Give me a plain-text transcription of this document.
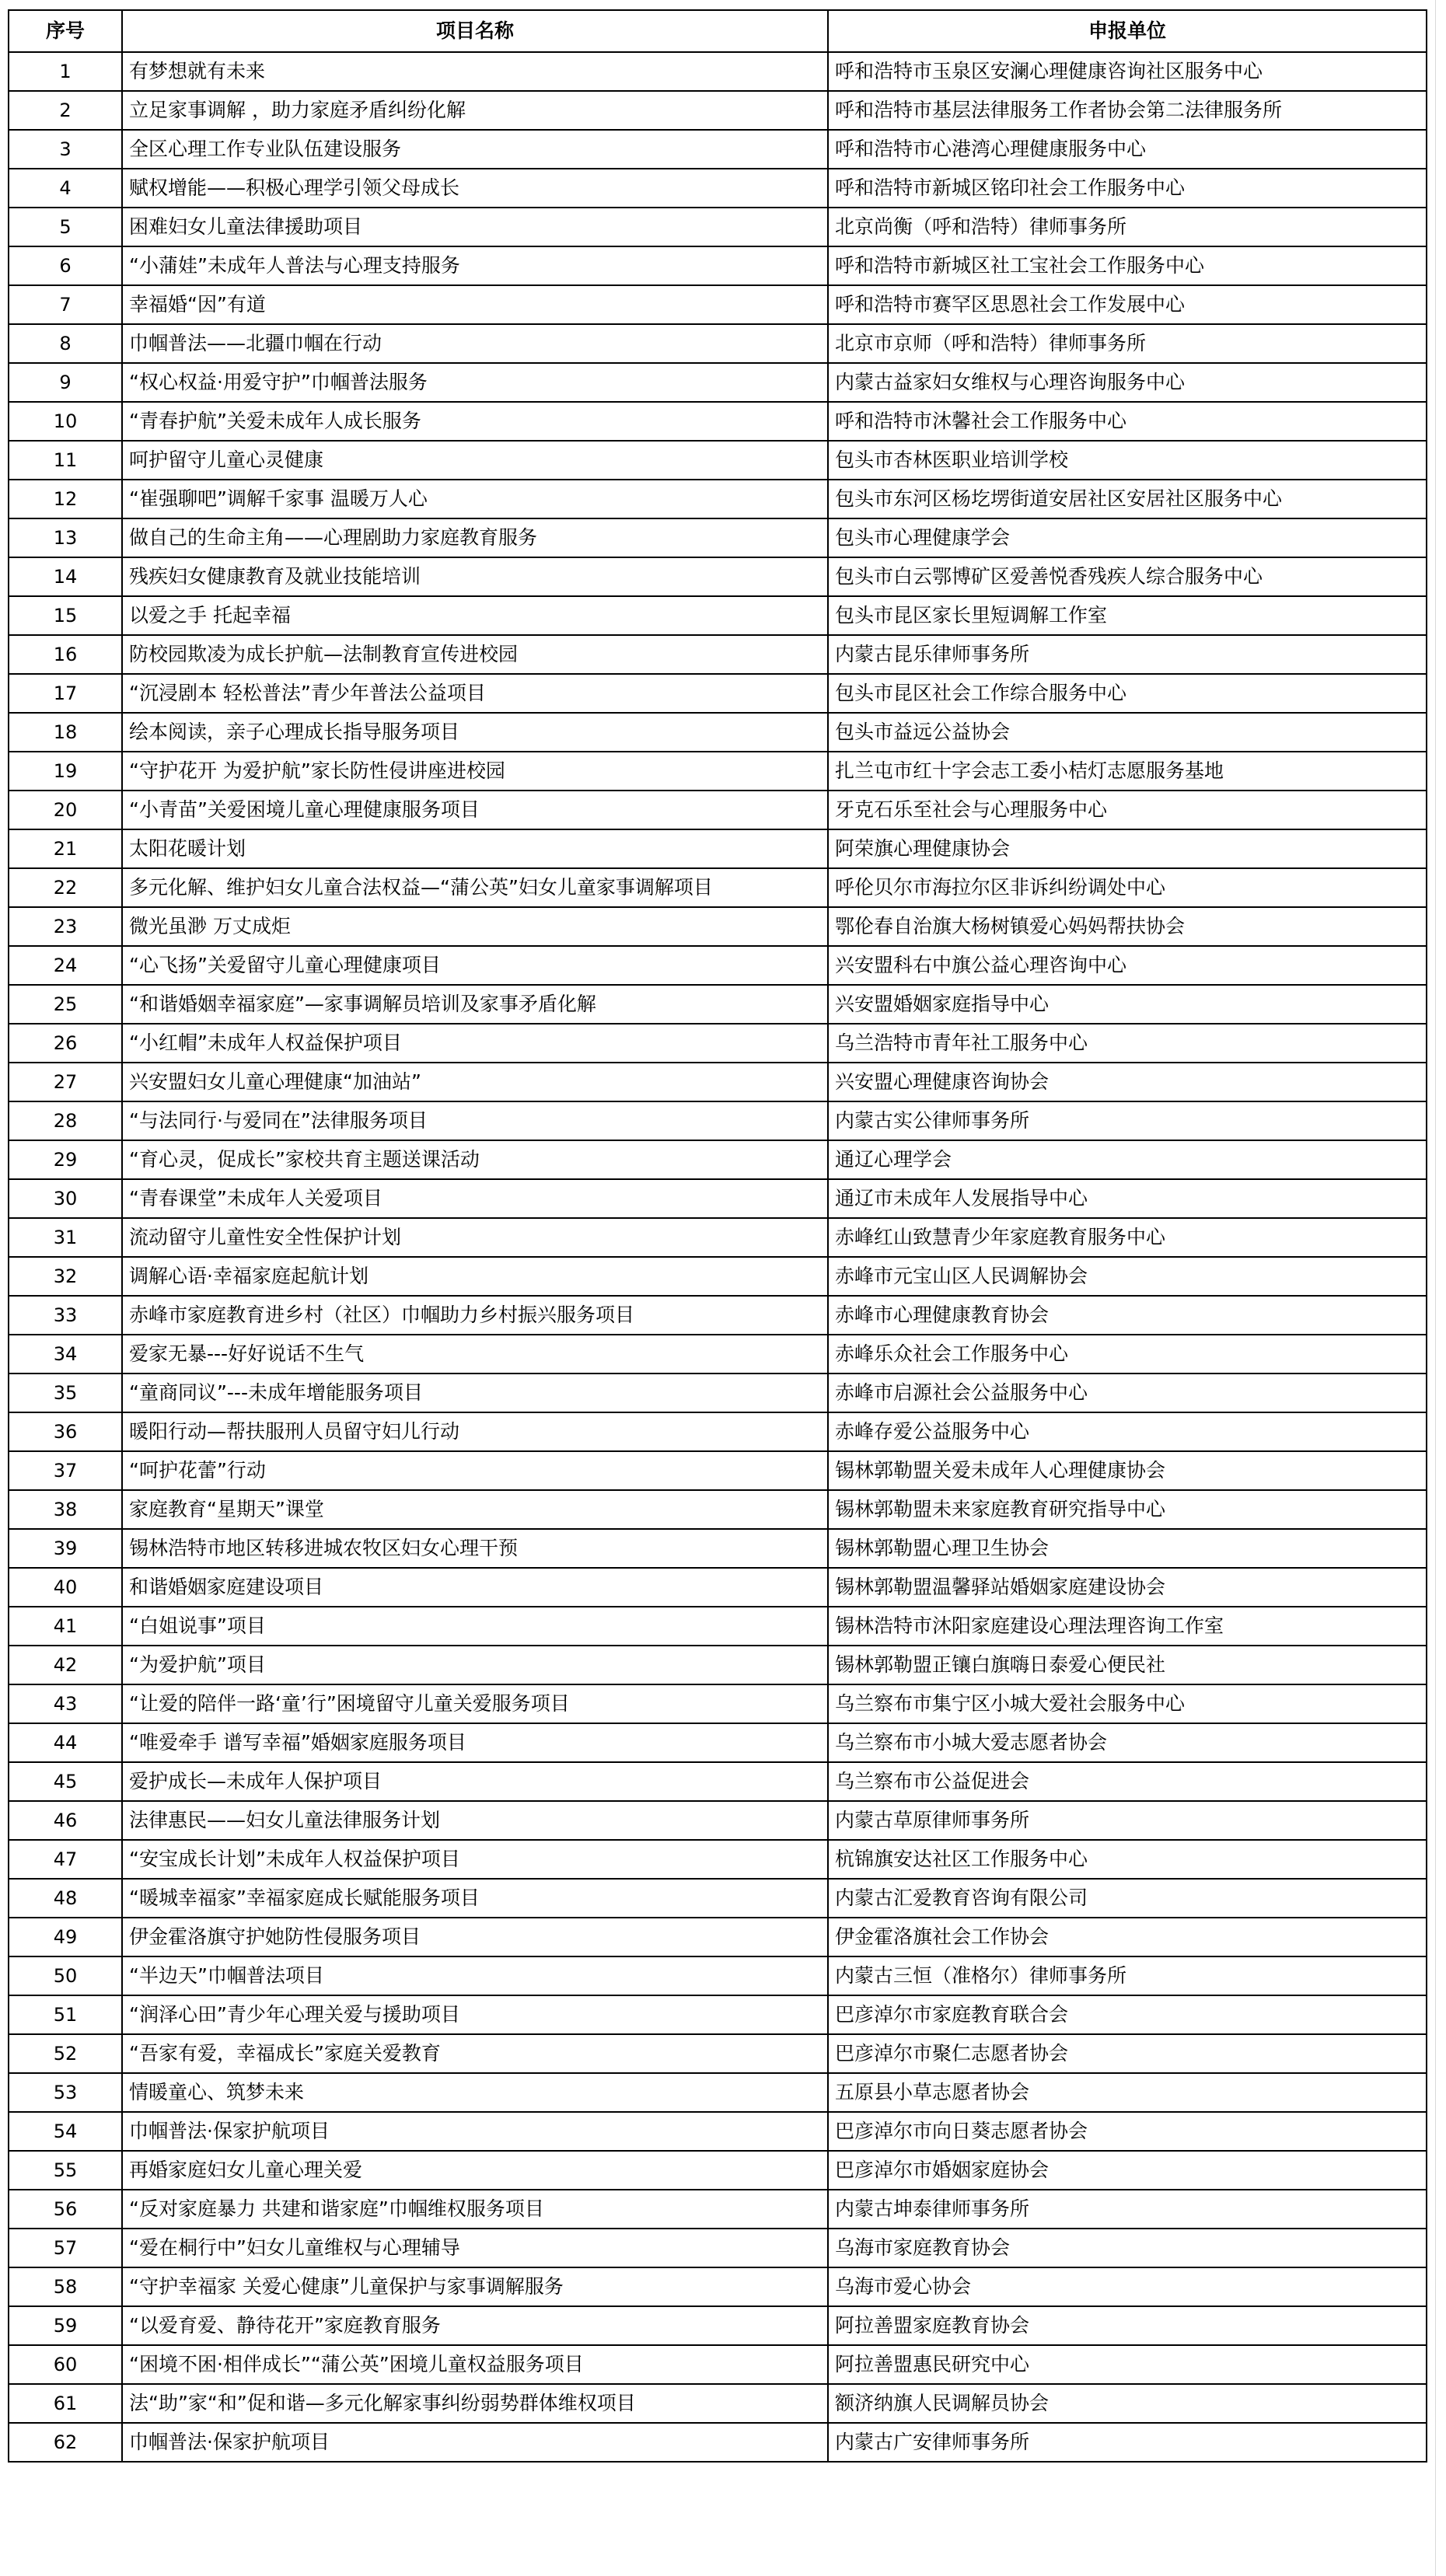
序号	项目名称	申报单位
1	有梦想就有未来	呼和浩特市玉泉区安澜心理健康咨询社区服务中心
2	立足家事调解 ，助力家庭矛盾纠纷化解	呼和浩特市基层法律服务工作者协会第二法律服务所
3	全区心理工作专业队伍建设服务	呼和浩特市心港湾心理健康服务中心
4	赋权增能——积极心理学引领父母成长	呼和浩特市新城区铭印社会工作服务中心
5	困难妇女儿童法律援助项目	北京尚衡（呼和浩特）律师事务所
6	“小蒲娃”未成年人普法与心理支持服务	呼和浩特市新城区社工宝社会工作服务中心
7	幸福婚“因”有道	呼和浩特市赛罕区思恩社会工作发展中心
8	巾帼普法——北疆巾帼在行动	北京市京师（呼和浩特）律师事务所
9	“权心权益·用爱守护”巾帼普法服务	内蒙古益家妇女维权与心理咨询服务中心
10	“青春护航”关爱未成年人成长服务	呼和浩特市沐馨社会工作服务中心
11	呵护留守儿童心灵健康	包头市杏林医职业培训学校
12	“崔强聊吧”调解千家事 温暖万人心	包头市东河区杨圪塄街道安居社区安居社区服务中心
13	做自己的生命主角——心理剧助力家庭教育服务	包头市心理健康学会
14	残疾妇女健康教育及就业技能培训	包头市白云鄂博矿区爱善悦香残疾人综合服务中心
15	以爱之手 托起幸福	包头市昆区家长里短调解工作室
16	防校园欺凌为成长护航—法制教育宣传进校园	内蒙古昆乐律师事务所
17	“沉浸剧本 轻松普法”青少年普法公益项目	包头市昆区社会工作综合服务中心
18	绘本阅读，亲子心理成长指导服务项目	包头市益远公益协会
19	“守护花开 为爱护航”家长防性侵讲座进校园	扎兰屯市红十字会志工委小桔灯志愿服务基地
20	“小青苗”关爱困境儿童心理健康服务项目	牙克石乐至社会与心理服务中心
21	太阳花暖计划	阿荣旗心理健康协会
22	多元化解、维护妇女儿童合法权益—“蒲公英”妇女儿童家事调解项目	呼伦贝尔市海拉尔区非诉纠纷调处中心
23	微光虽渺 万丈成炬	鄂伦春自治旗大杨树镇爱心妈妈帮扶协会
24	“心飞扬”关爱留守儿童心理健康项目	兴安盟科右中旗公益心理咨询中心
25	“和谐婚姻幸福家庭”—家事调解员培训及家事矛盾化解	兴安盟婚姻家庭指导中心
26	“小红帽”未成年人权益保护项目	乌兰浩特市青年社工服务中心
27	兴安盟妇女儿童心理健康“加油站”	兴安盟心理健康咨询协会
28	“与法同行·与爱同在”法律服务项目	内蒙古实公律师事务所
29	“育心灵，促成长”家校共育主题送课活动	通辽心理学会
30	“青春课堂”未成年人关爱项目	通辽市未成年人发展指导中心
31	流动留守儿童性安全性保护计划	赤峰红山致慧青少年家庭教育服务中心
32	调解心语·幸福家庭起航计划	赤峰市元宝山区人民调解协会
33	赤峰市家庭教育进乡村（社区）巾帼助力乡村振兴服务项目	赤峰市心理健康教育协会
34	爱家无暴---好好说话不生气	赤峰乐众社会工作服务中心
35	“童商同议”---未成年增能服务项目	赤峰市启源社会公益服务中心
36	暖阳行动—帮扶服刑人员留守妇儿行动	赤峰存爱公益服务中心
37	“呵护花蕾”行动	锡林郭勒盟关爱未成年人心理健康协会
38	家庭教育“星期天”课堂	锡林郭勒盟未来家庭教育研究指导中心
39	锡林浩特市地区转移进城农牧区妇女心理干预	锡林郭勒盟心理卫生协会
40	和谐婚姻家庭建设项目	锡林郭勒盟温馨驿站婚姻家庭建设协会
41	“白姐说事”项目	锡林浩特市沐阳家庭建设心理法理咨询工作室
42	“为爱护航”项目	锡林郭勒盟正镶白旗嗨日泰爱心便民社
43	“让爱的陪伴一路‘童’行”困境留守儿童关爱服务项目	乌兰察布市集宁区小城大爱社会服务中心
44	“唯爱牵手 谱写幸福”婚姻家庭服务项目	乌兰察布市小城大爱志愿者协会
45	爱护成长—未成年人保护项目	乌兰察布市公益促进会
46	法律惠民——妇女儿童法律服务计划	内蒙古草原律师事务所
47	“安宝成长计划”未成年人权益保护项目	杭锦旗安达社区工作服务中心
48	“暖城幸福家”幸福家庭成长赋能服务项目	内蒙古汇爱教育咨询有限公司
49	伊金霍洛旗守护她防性侵服务项目	伊金霍洛旗社会工作协会
50	“半边天”巾帼普法项目	内蒙古三恒（准格尔）律师事务所
51	“润泽心田”青少年心理关爱与援助项目	巴彦淖尔市家庭教育联合会
52	“吾家有爱，幸福成长”家庭关爱教育	巴彦淖尔市聚仁志愿者协会
53	情暖童心、筑梦未来	五原县小草志愿者协会
54	巾帼普法·保家护航项目	巴彦淖尔市向日葵志愿者协会
55	再婚家庭妇女儿童心理关爱	巴彦淖尔市婚姻家庭协会
56	“反对家庭暴力 共建和谐家庭”巾帼维权服务项目	内蒙古坤泰律师事务所
57	“爱在桐行中”妇女儿童维权与心理辅导	乌海市家庭教育协会
58	“守护幸福家 关爱心健康”儿童保护与家事调解服务	乌海市爱心协会
59	“以爱育爱、静待花开”家庭教育服务	阿拉善盟家庭教育协会
60	“困境不困·相伴成长”“蒲公英”困境儿童权益服务项目	阿拉善盟惠民研究中心
61	法“助”家“和”促和谐—多元化解家事纠纷弱势群体维权项目	额济纳旗人民调解员协会
62	巾帼普法·保家护航项目	内蒙古广安律师事务所
